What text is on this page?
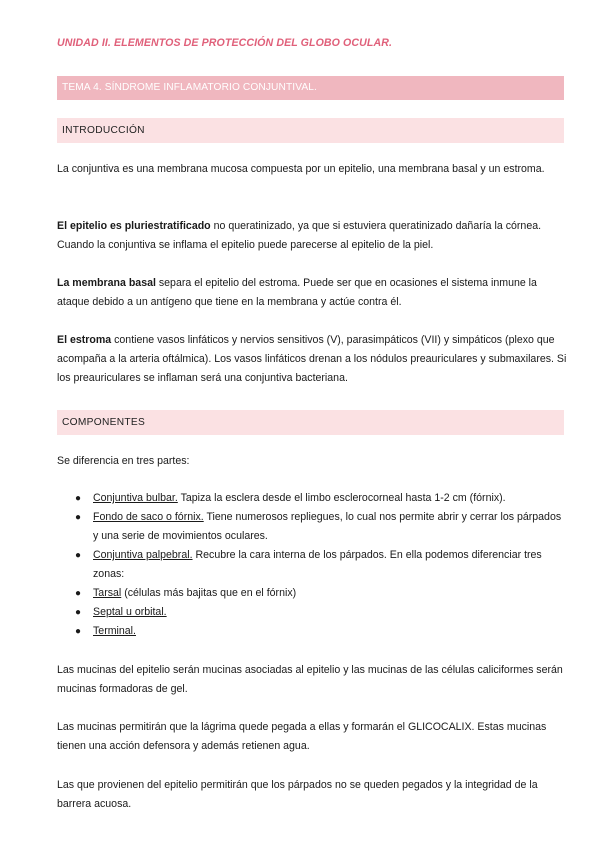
UNIDAD II. ELEMENTOS DE PROTECCIÓN DEL GLOBO OCULAR.
TEMA 4. SÍNDROME INFLAMATORIO CONJUNTIVAL.
INTRODUCCIÓN

La conjuntiva es una membrana mucosa compuesta por un epitelio, una membrana basal y un estroma.

El epitelio es pluriestratificado no queratinizado, ya que si estuviera queratinizado dañaría la córnea. Cuando la conjuntiva se inflama el epitelio puede parecerse al epitelio de la piel.

La membrana basal separa el epitelio del estroma. Puede ser que en ocasiones el sistema inmune la ataque debido a un antígeno que tiene en la membrana y actúe contra él.

El estroma contiene vasos linfáticos y nervios sensitivos (V), parasimpáticos (VII) y simpáticos (plexo que acompaña a la arteria oftálmica). Los vasos linfáticos drenan a los nódulos preauriculares y submaxilares. Si los preauriculares se inflaman será una conjuntiva bacteriana.

COMPONENTES

Se diferencia en tres partes:

● Conjuntiva bulbar. Tapiza la esclera desde el limbo esclerocorneal hasta 1-2 cm (fórnix).
● Fondo de saco o fórnix. Tiene numerosos repliegues, lo cual nos permite abrir y cerrar los párpados y una serie de movimientos oculares.
● Conjuntiva palpebral. Recubre la cara interna de los párpados. En ella podemos diferenciar tres zonas:
● Tarsal (células más bajitas que en el fórnix)
● Septal u orbital.
● Terminal.

Las mucinas del epitelio serán mucinas asociadas al epitelio y las mucinas de las células caliciformes serán mucinas formadoras de gel.

Las mucinas permitirán que la lágrima quede pegada a ellas y formarán el GLICOCALIX. Estas mucinas tienen una acción defensora y además retienen agua.

Las que provienen del epitelio permitirán que los párpados no se queden pegados y la integridad de la barrera acuosa.
